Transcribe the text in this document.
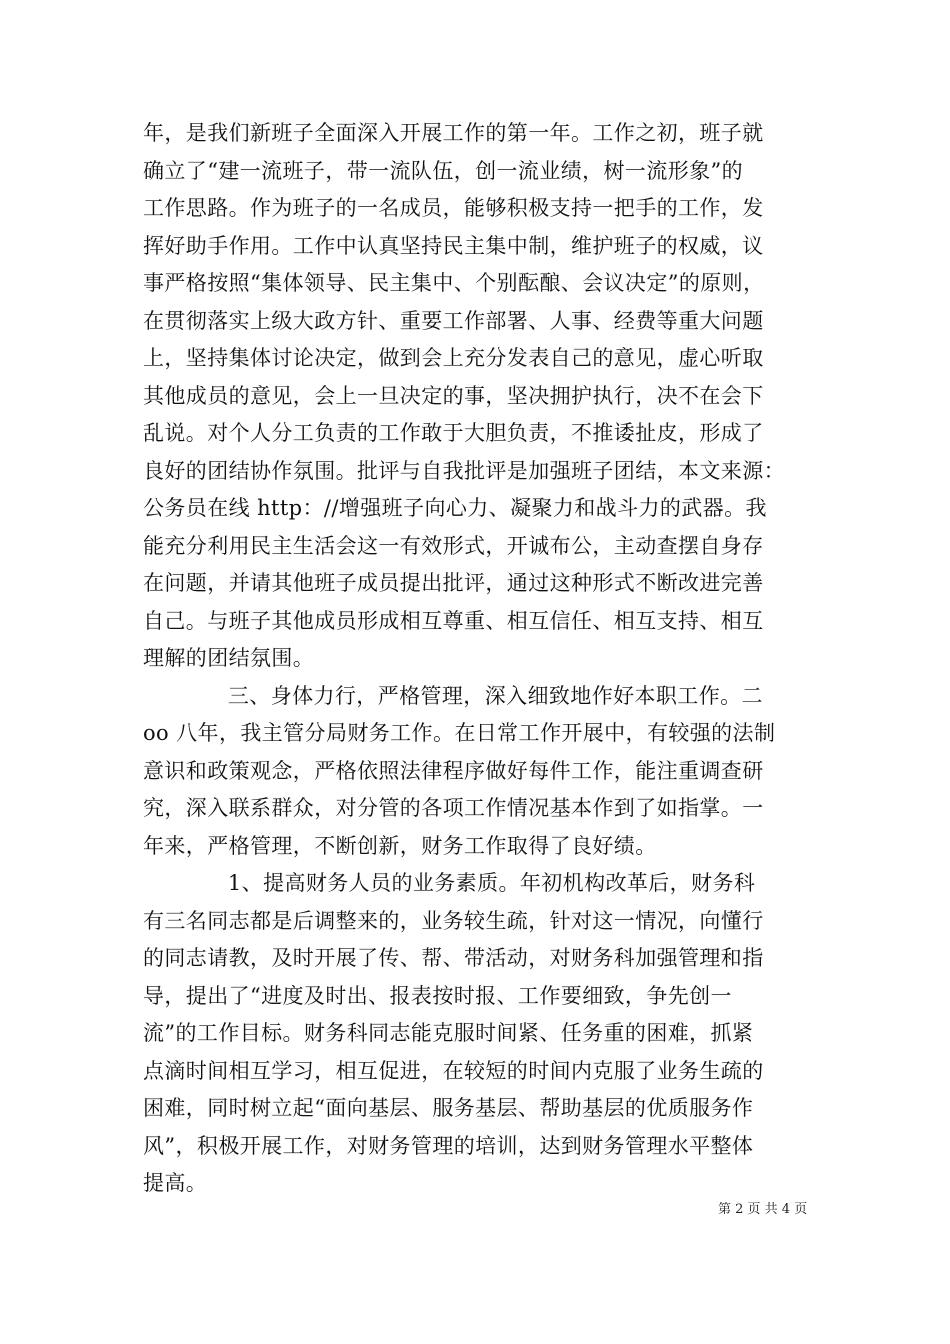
年，是我们新班子全面深入开展工作的第一年。工作之初，班子就
确立了“建一流班子，带一流队伍，创一流业绩，树一流形象”的
工作思路。作为班子的一名成员，能够积极支持一把手的工作，发
挥好助手作用。工作中认真坚持民主集中制，维护班子的权威，议
事严格按照“集体领导、民主集中、个别酝酿、会议决定”的原则，
在贯彻落实上级大政方针、重要工作部署、人事、经费等重大问题
上，坚持集体讨论决定，做到会上充分发表自己的意见，虚心听取
其他成员的意见，会上一旦决定的事，坚决拥护执行，决不在会下
乱说。对个人分工负责的工作敢于大胆负责，不推诿扯皮，形成了
良好的团结协作氛围。批评与自我批评是加强班子团结，本文来源：
公务员在线 http：//增强班子向心力、凝聚力和战斗力的武器。我
能充分利用民主生活会这一有效形式，开诚布公，主动查摆自身存
在问题，并请其他班子成员提出批评，通过这种形式不断改进完善
自己。与班子其他成员形成相互尊重、相互信任、相互支持、相互
理解的团结氛围。
三、身体力行，严格管理，深入细致地作好本职工作。二
oo 八年，我主管分局财务工作。在日常工作开展中，有较强的法制
意识和政策观念，严格依照法律程序做好每件工作，能注重调查研
究，深入联系群众，对分管的各项工作情况基本作到了如指掌。一
年来，严格管理，不断创新，财务工作取得了良好绩。
1、提高财务人员的业务素质。年初机构改革后，财务科
有三名同志都是后调整来的，业务较生疏，针对这一情况，向懂行
的同志请教，及时开展了传、帮、带活动，对财务科加强管理和指
导，提出了“进度及时出、报表按时报、工作要细致，争先创一
流”的工作目标。财务科同志能克服时间紧、任务重的困难，抓紧
点滴时间相互学习，相互促进，在较短的时间内克服了业务生疏的
困难，同时树立起“面向基层、服务基层、帮助基层的优质服务作
风”，积极开展工作，对财务管理的培训，达到财务管理水平整体
提高。
第 2 页 共 4 页
